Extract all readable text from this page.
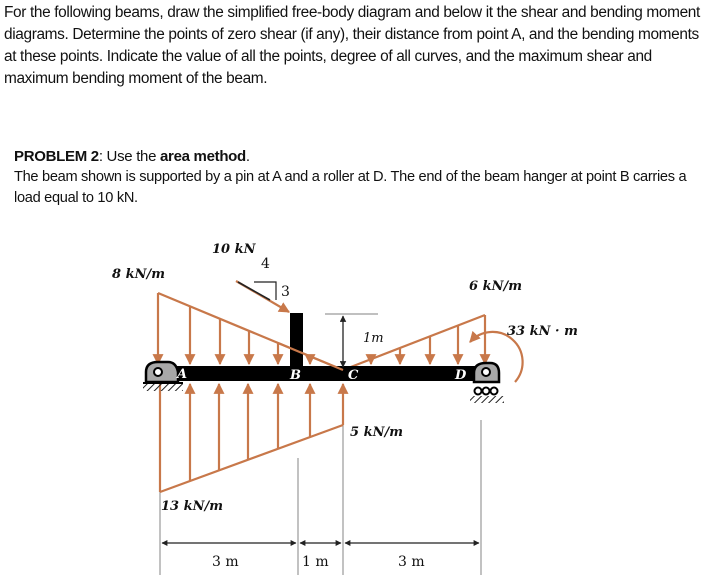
For the following beams, draw the simplified free-body diagram and below it the shear and bending moment diagrams. Determine the points of zero shear (if any), their distance from point A, and the bending moments at these points. Indicate the value of all the points, degree of all curves, and the maximum shear and maximum bending moment of the beam.
PROBLEM 2: Use the area method.
The beam shown is supported by a pin at A and a roller at D. The end of the beam hanger at point B carries a load equal to 10 kN.
3 m	1 m	3 m
1m
10 kN
4
3
33 kN · m
A	B	C	D
8 kN/m
6 kN/m
13 kN/m
5 kN/m
